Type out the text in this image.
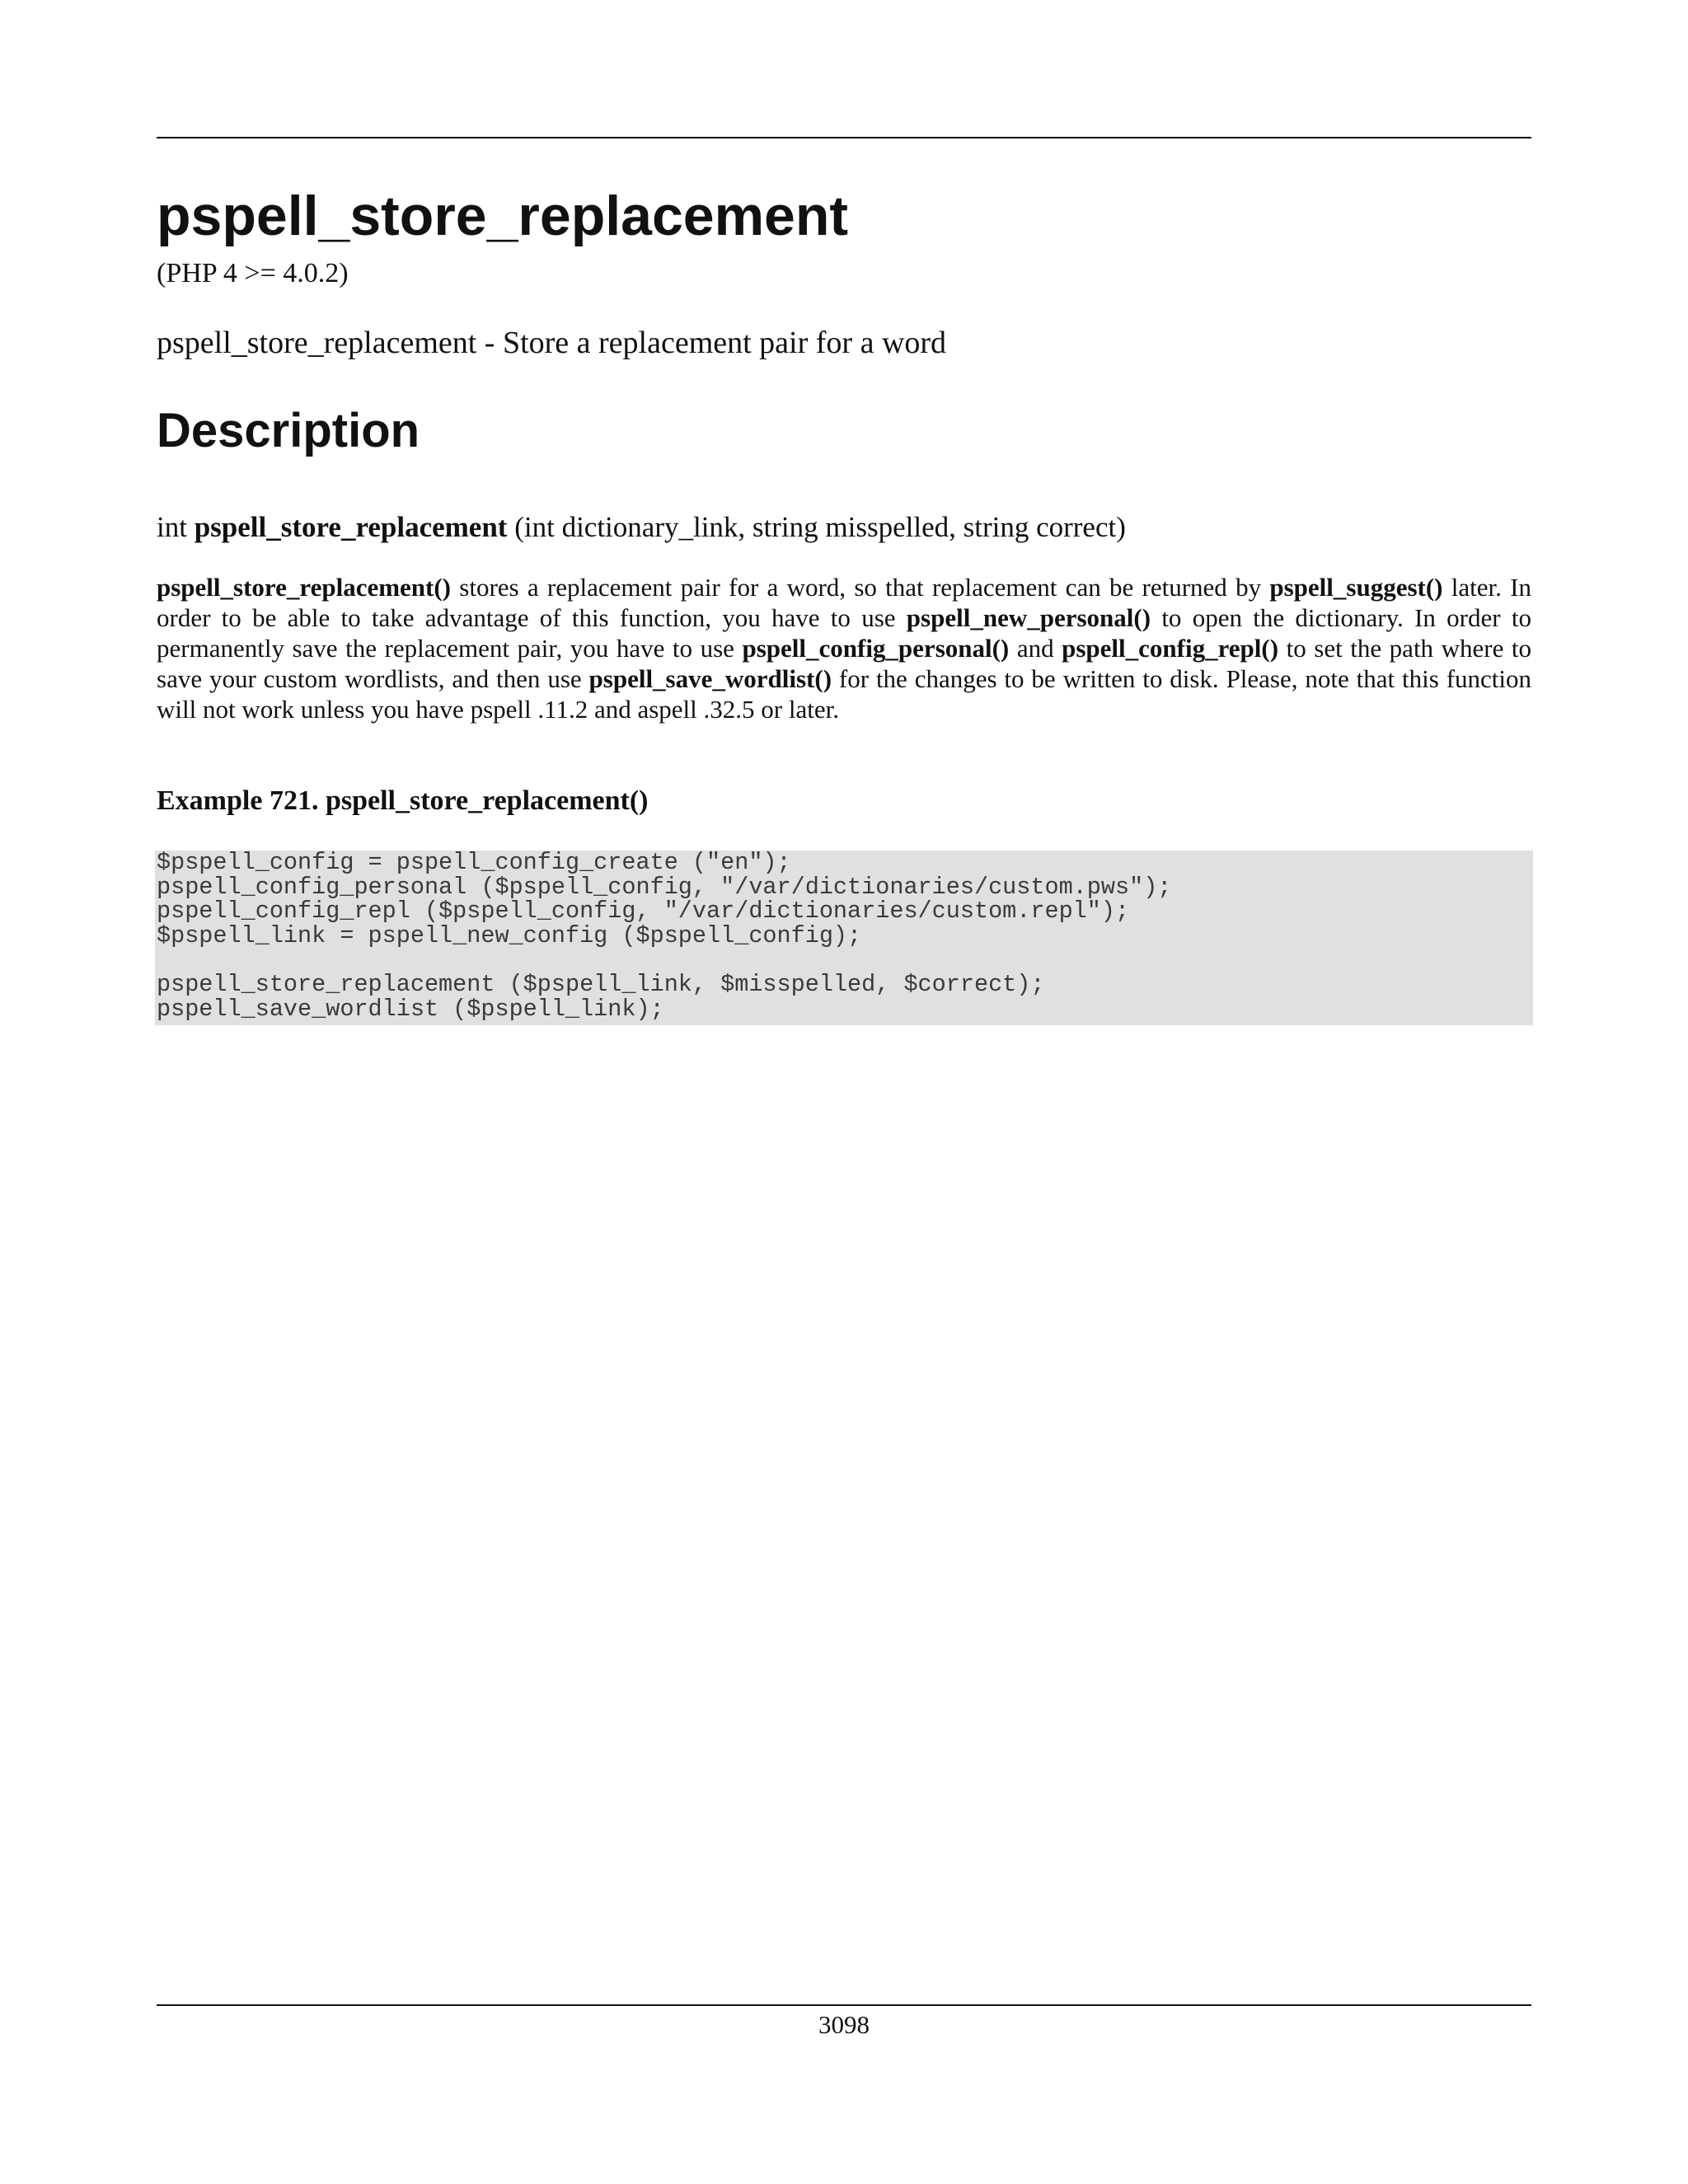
pspell_store_replacement
(PHP 4 >= 4.0.2)
pspell_store_replacement - Store a replacement pair for a word
Description
int pspell_store_replacement (int dictionary_link, string misspelled, string correct)
pspell_store_replacement() stores a replacement pair for a word, so that replacement can be returned by pspell_suggest() later. In order to be able to take advantage of this function, you have to use pspell_new_personal() to open the dictionary. In order to permanently save the replacement pair, you have to use pspell_config_personal() and pspell_config_repl() to set the path where to save your custom wordlists, and then use pspell_save_wordlist() for the changes to be written to disk. Please, note that this function will not work unless you have pspell .11.2 and aspell .32.5 or later.
Example 721. pspell_store_replacement()
$pspell_config = pspell_config_create ("en");
pspell_config_personal ($pspell_config, "/var/dictionaries/custom.pws");
pspell_config_repl ($pspell_config, "/var/dictionaries/custom.repl");
$pspell_link = pspell_new_config ($pspell_config);
pspell_store_replacement ($pspell_link, $misspelled, $correct);
pspell_save_wordlist ($pspell_link);
3098
